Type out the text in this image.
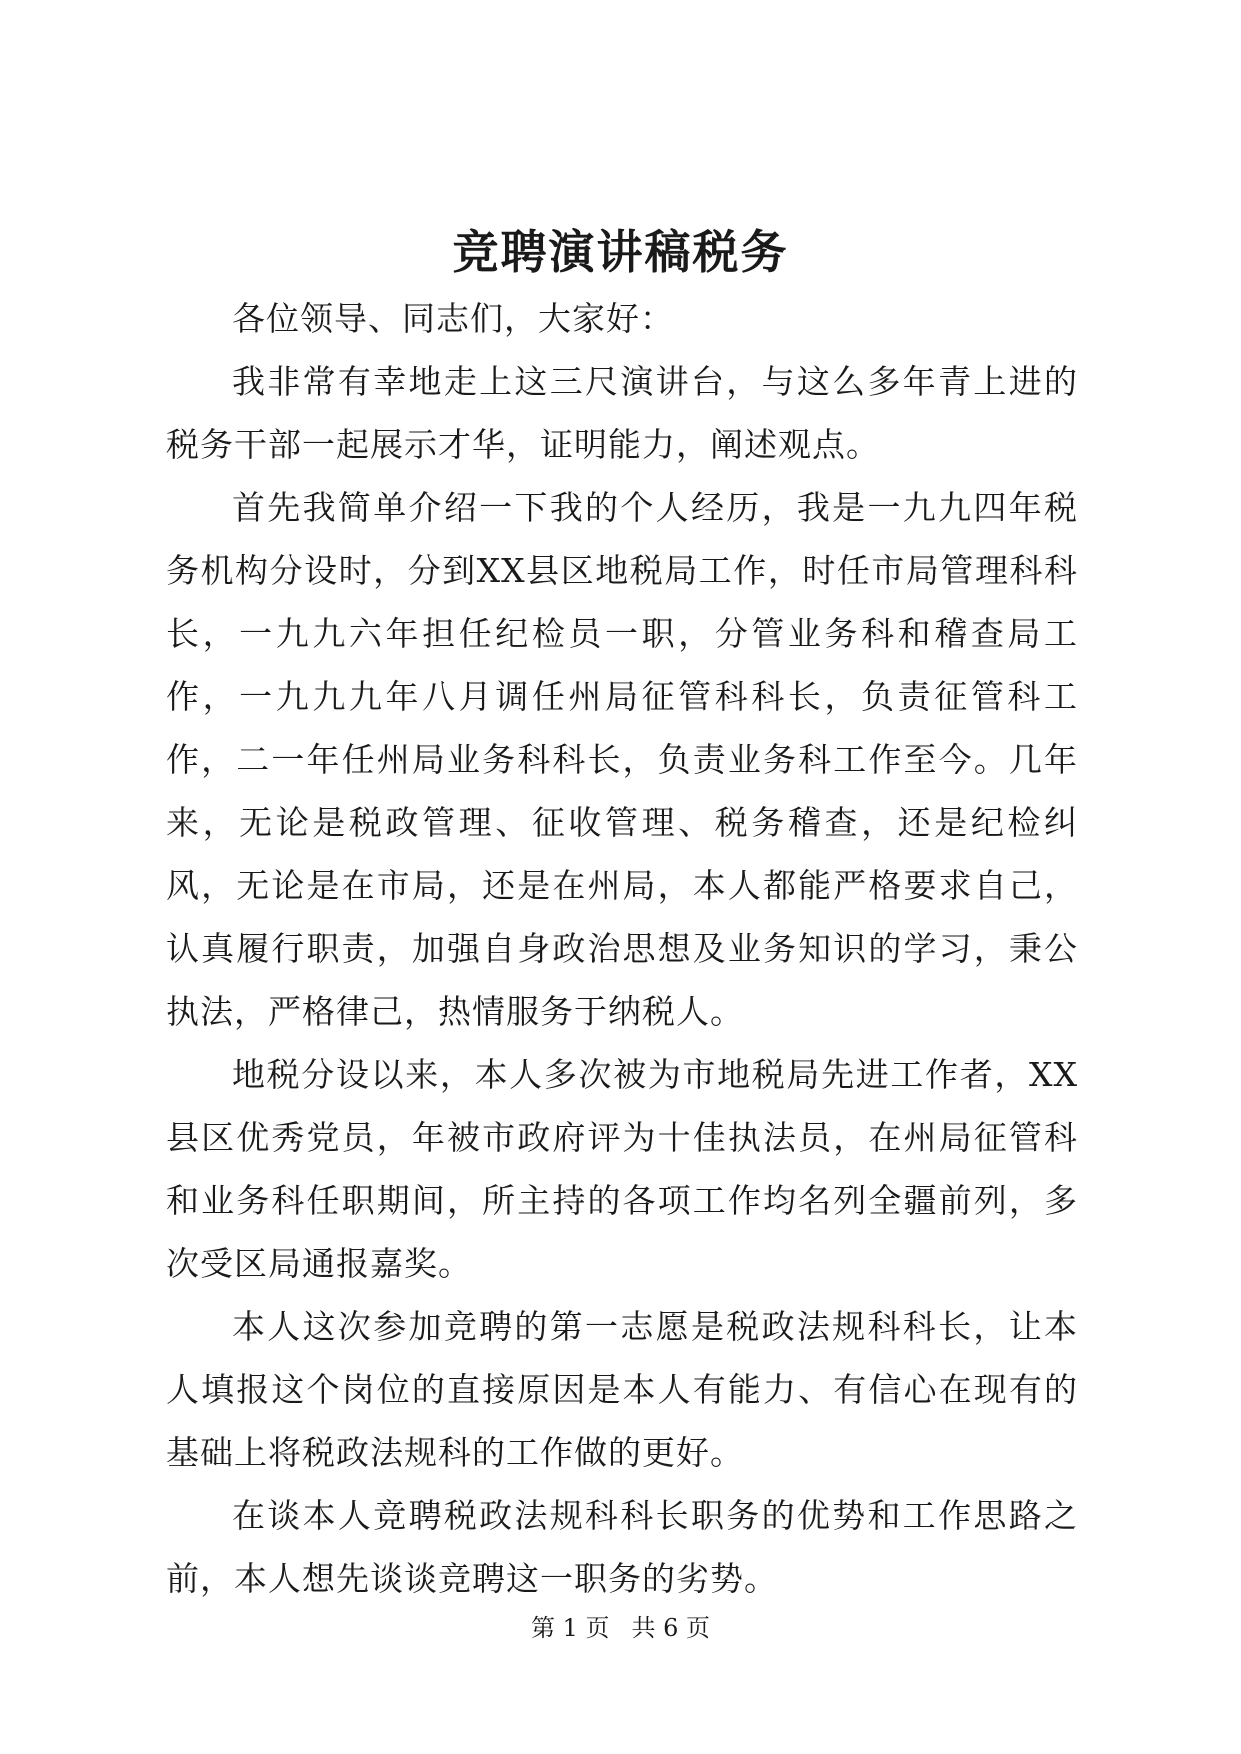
竞聘演讲稿税务

各位领导、同志们，大家好：

我非常有幸地走上这三尺演讲台，与这么多年青上进的税务干部一起展示才华，证明能力，阐述观点。

首先我简单介绍一下我的个人经历，我是一九九四年税务机构分设时，分到XX县区地税局工作，时任市局管理科科长，一九九六年担任纪检员一职，分管业务科和稽查局工作，一九九九年八月调任州局征管科科长，负责征管科工作，二一年任州局业务科科长，负责业务科工作至今。几年来，无论是税政管理、征收管理、税务稽查，还是纪检纠风，无论是在市局，还是在州局，本人都能严格要求自己，认真履行职责，加强自身政治思想及业务知识的学习，秉公执法，严格律己，热情服务于纳税人。

地税分设以来，本人多次被为市地税局先进工作者，XX县区优秀党员，年被市政府评为十佳执法员，在州局征管科和业务科任职期间，所主持的各项工作均名列全疆前列，多次受区局通报嘉奖。

本人这次参加竞聘的第一志愿是税政法规科科长，让本人填报这个岗位的直接原因是本人有能力、有信心在现有的基础上将税政法规科的工作做的更好。

在谈本人竞聘税政法规科科长职务的优势和工作思路之前，本人想先谈谈竞聘这一职务的劣势。

第 1 页 共 6 页
